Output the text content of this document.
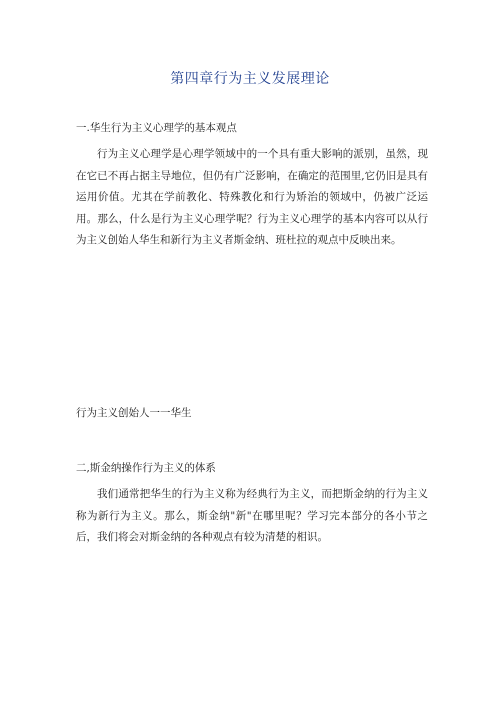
第四章行为主义发展理论
一.华生行为主义心理学的基本观点
行为主义心理学是心理学领域中的一个具有重大影响的派别，虽然，现在它已不再占据主导地位，但仍有广泛影响，在确定的范围里,它仍旧是具有运用价值。尤其在学前教化、特殊教化和行为矫治的领域中，仍被广泛运用。那么，什么是行为主义心理学呢？行为主义心理学的基本内容可以从行为主义创始人华生和新行为主义者斯金纳、班杜拉的观点中反映出来。
行为主义创始人一一华生
二,斯金纳操作行为主义的体系
我们通常把华生的行为主义称为经典行为主义，而把斯金纳的行为主义称为新行为主义。那么，斯金纳"新"在哪里呢？学习完本部分的各小节之后，我们将会对斯金纳的各种观点有较为清楚的相识。
